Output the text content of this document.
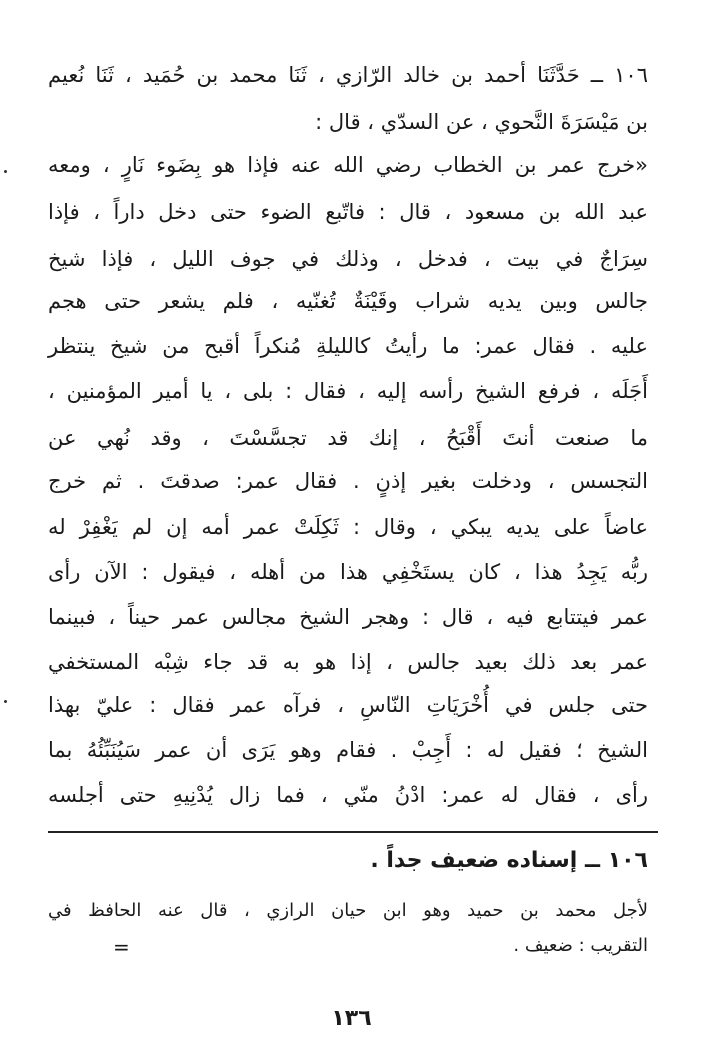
١٠٦ ــ حَدَّثَنَا أحمد بن خالد الرّازي ، ثَنَا محمد بن حُمَيد ، ثَنَا نُعيم
بن مَيْسَرَةَ النَّحوي ، عن السدّي ، قال :
«خرج عمر بن الخطاب رضي الله عنه فإذا هو بِضَوء نَارٍ ، ومعه
عبد الله بن مسعود ، قال : فاتّبع الضوء حتى دخل داراً ، فإذا
سِرَاجٌ في بيت ، فدخل ، وذلك في جوف الليل ، فإذا شيخ
جالس وبين يديه شراب وقَيْنَةٌ تُغنّيه ، فلم يشعر حتى هجم
عليه . فقال عمر: ما رأيتُ كالليلةِ مُنكراً أقبح من شيخ ينتظر
أَجَلَه ، فرفع الشيخ رأسه إليه ، فقال : بلى ، يا أمير المؤمنين ،
ما صنعت أنتَ أَقْبَحُ ، إنك قد تجسَّسْتَ ، وقد نُهي عن
التجسس ، ودخلت بغير إذنٍ . فقال عمر: صدقتَ . ثم خرج
عاضاً على يديه يبكي ، وقال : ثَكِلَتْ عمر أمه إن لم يَغْفِرْ له
ربُّه يَجِدُ هذا ، كان يستَخْفِي هذا من أهله ، فيقول : الآن رأى
عمر فيتتابع فيه ، قال : وهجر الشيخ مجالس عمر حيناً ، فبينما
عمر بعد ذلك بعيد جالس ، إذا هو به قد جاء شِبْه المستخفي
حتى جلس في أُخْرَيَاتِ النّاسِ ، فرآه عمر فقال : عليّ بهذا
الشيخ ؛ فقيل له : أَجِبْ . فقام وهو يَرَى أن عمر سَيُنَبِّئُهُ بما
رأى ، فقال له عمر: ادْنُ منّي ، فما زال يُدْنِيهِ حتى أجلسه
١٠٦ ــ إسناده ضعيف جداً .
لأجل محمد بن حميد وهو ابن حيان الرازي ، قال عنه الحافظ في
التقريب : ضعيف .
=
١٣٦
